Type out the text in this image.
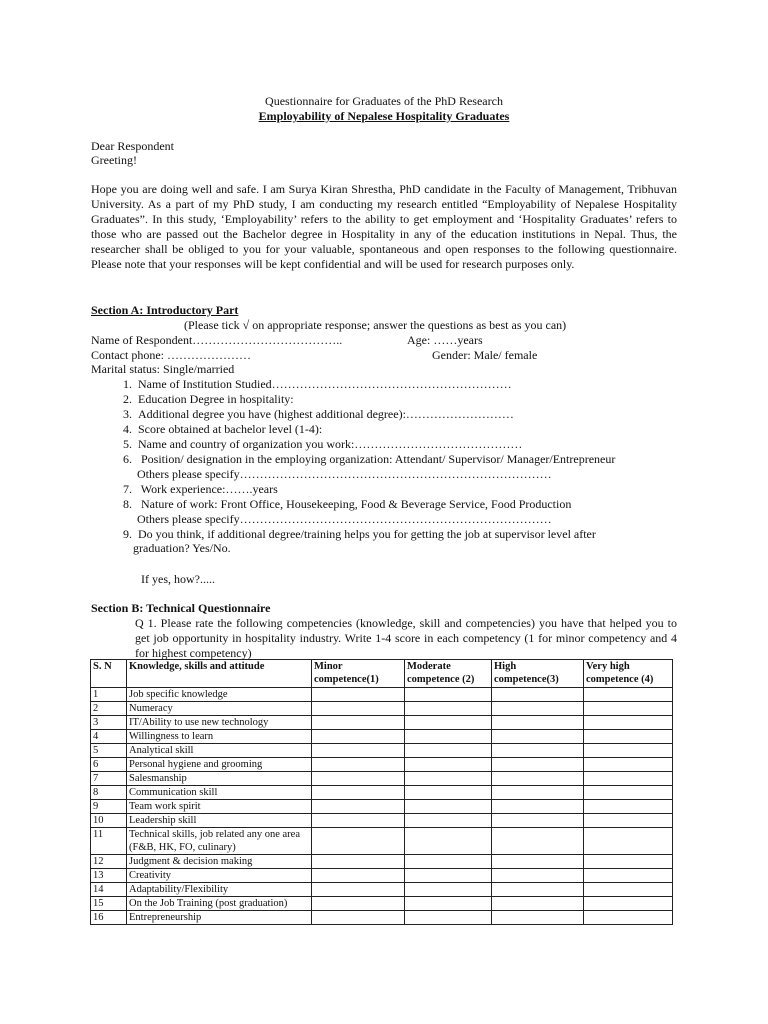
Questionnaire for Graduates of the PhD Research
Employability of Nepalese Hospitality Graduates
Dear Respondent
Greeting!
Hope you are doing well and safe. I am Surya Kiran Shrestha, PhD candidate in the Faculty of Management, Tribhuvan University. As a part of my PhD study, I am conducting my research entitled “Employability of Nepalese Hospitality Graduates”. In this study, ‘Employability’ refers to the ability to get employment and ‘Hospitality Graduates’ refers to those who are passed out the Bachelor degree in Hospitality in any of the education institutions in Nepal. Thus, the researcher shall be obliged to you for your valuable, spontaneous and open responses to the following questionnaire. Please note that your responses will be kept confidential and will be used for research purposes only.
Section A: Introductory Part
(Please tick √ on appropriate response; answer the questions as best as you can)
Name of Respondent………………………………..	Age: ……years
Contact phone: …………………	Gender: Male/ female
Marital status: Single/married
1. Name of Institution Studied……………………………………………………
2. Education Degree in hospitality:
3. Additional degree you have (highest additional degree):………………………
4. Score obtained at bachelor level (1-4):
5. Name and country of organization you work:……………………………………
6. Position/ designation in the employing organization: Attendant/ Supervisor/ Manager/Entrepreneur
Others please specify……………………………………………………………………
7. Work experience:…….years
8. Nature of work: Front Office, Housekeeping, Food & Beverage Service, Food Production
Others please specify……………………………………………………………………
9. Do you think, if additional degree/training helps you for getting the job at supervisor level after
graduation? Yes/No.
If yes, how?.....
Section B: Technical Questionnaire
Q 1. Please rate the following competencies (knowledge, skill and competencies) you have that helped you to get job opportunity in hospitality industry. Write 1-4 score in each competency (1 for minor competency and 4 for highest competency)
S. N	Knowledge, skills and attitude	Minor competence(1)	Moderate competence (2)	High competence(3)	Very high competence (4)
1	Job specific knowledge				
2	Numeracy				
3	IT/Ability to use new technology				
4	Willingness to learn				
5	Analytical skill				
6	Personal hygiene and grooming				
7	Salesmanship				
8	Communication skill				
9	Team work spirit				
10	Leadership skill				
11	Technical skills, job related any one area (F&B, HK, FO, culinary)				
12	Judgment & decision making				
13	Creativity				
14	Adaptability/Flexibility				
15	On the Job Training (post graduation)				
16	Entrepreneurship				
